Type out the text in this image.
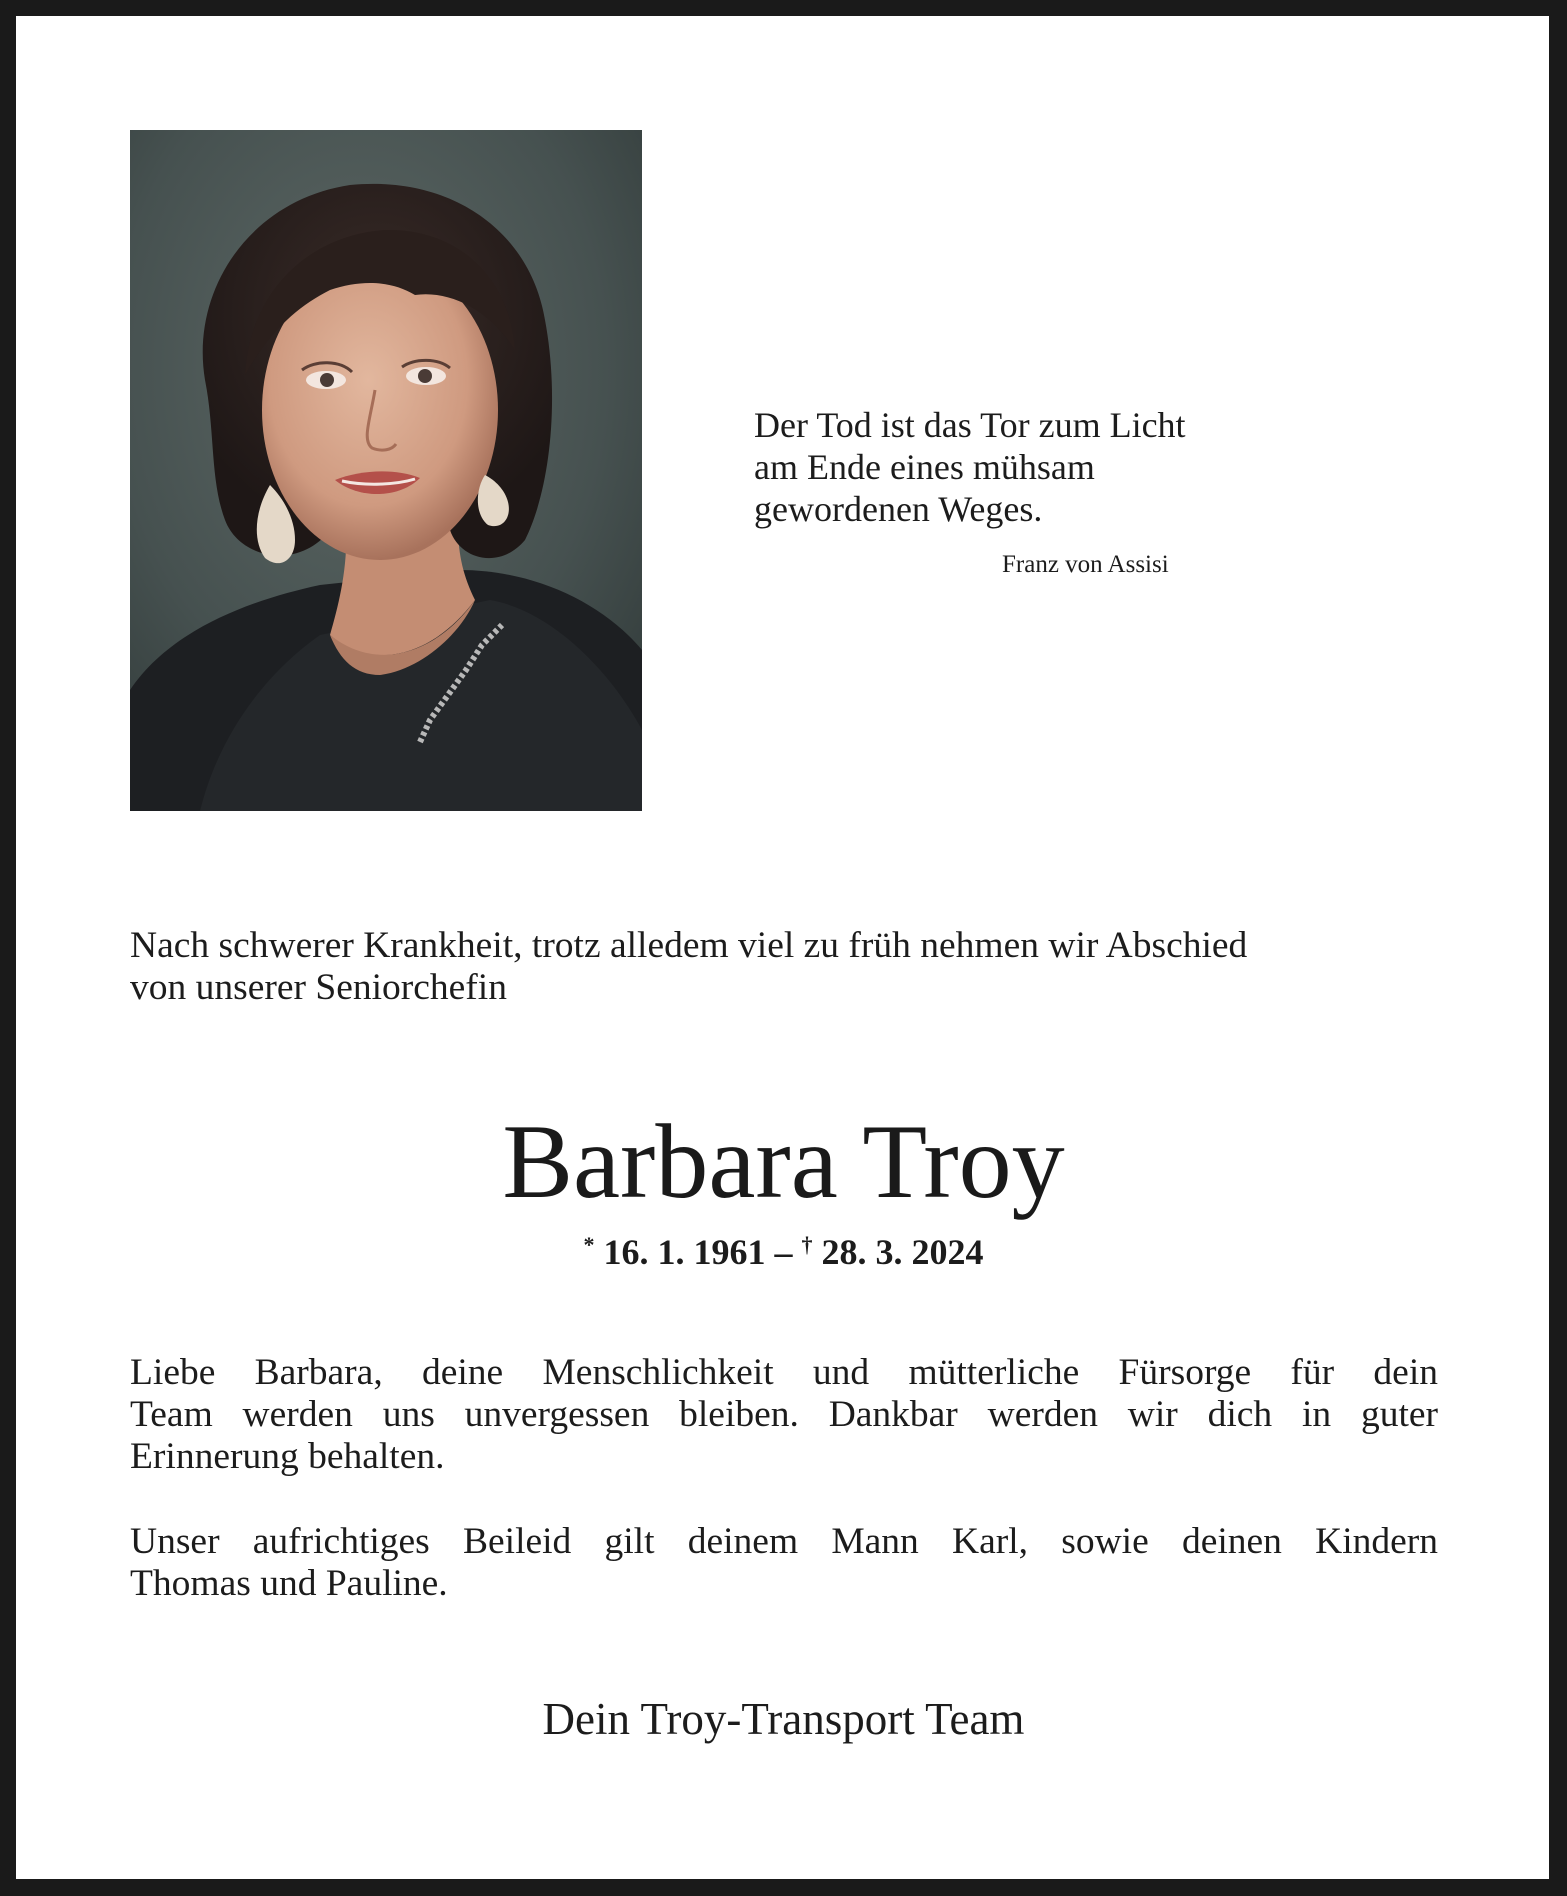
Der Tod ist das Tor zum Licht
am Ende eines mühsam
gewordenen Weges.
Franz von Assisi
Nach schwerer Krankheit, trotz alledem viel zu früh nehmen wir Abschied
von unserer Seniorchefin
Barbara Troy
* 16. 1. 1961 – † 28. 3. 2024
Liebe Barbara, deine Menschlichkeit und mütterliche Fürsorge für dein
Team werden uns unvergessen bleiben. Dankbar werden wir dich in guter
Erinnerung behalten.
Unser aufrichtiges Beileid gilt deinem Mann Karl, sowie deinen Kindern
Thomas und Pauline.
Dein Troy-Transport Team
